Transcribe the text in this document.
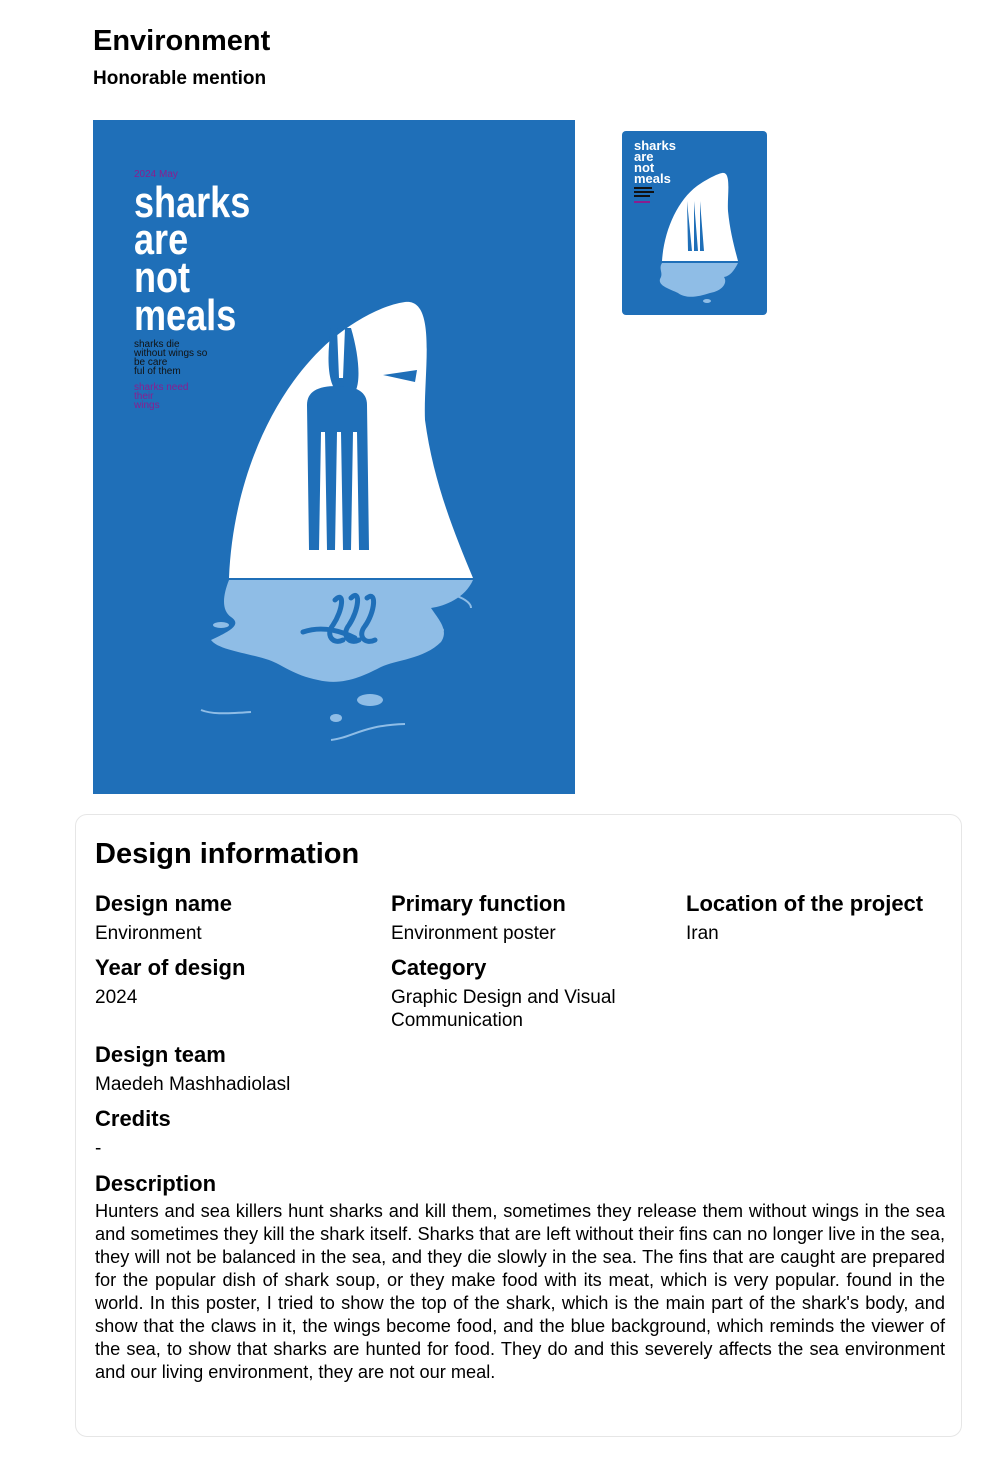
Environment
Honorable mention
2024 May
sharks
are
not
meals
sharks die
without wings so
be care
ful of them
sharks need
their
wings
sharks
are
not
meals
Design information
Design name
Environment
Primary function
Environment poster
Location of the project
Iran
Year of design
2024
Category
Graphic Design and Visual Communication
Design team
Maedeh Mashhadiolasl
Credits
-
Description
Hunters and sea killers hunt sharks and kill them, sometimes they release them without wings in the sea and sometimes they kill the shark itself. Sharks that are left without their fins can no longer live in the sea, they will not be balanced in the sea, and they die slowly in the sea. The fins that are caught are prepared for the popular dish of shark soup, or they make food with its meat, which is very popular. found in the world. In this poster, I tried to show the top of the shark, which is the main part of the shark's body, and show that the claws in it, the wings become food, and the blue background, which reminds the viewer of the sea, to show that sharks are hunted for food. They do and this severely affects the sea environment and our living environment, they are not our meal.
